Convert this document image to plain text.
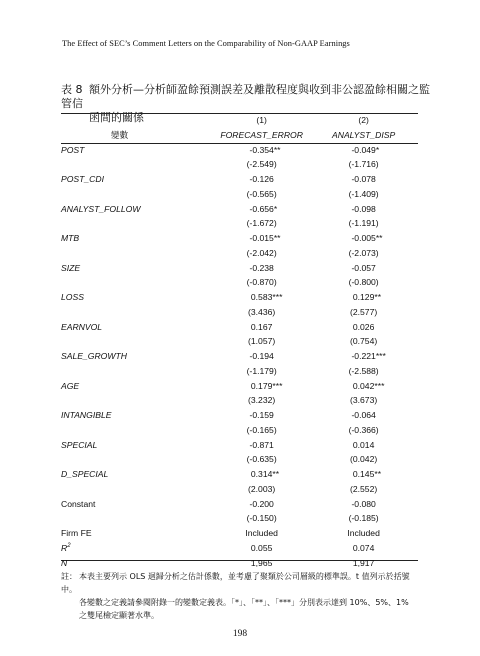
The Effect of SEC’s Comment Letters on the Comparability of Non-GAAP Earnings
表 8 額外分析—分析師盈餘預測誤差及離散程度與收到非公認盈餘相關之監管信
函間的關係
		(1)	(2)
變數	FORECAST_ERROR	ANALYST_DISP
POST	-0.354**	-0.049*
	(-2.549)	(-1.716)
POST_CDI	-0.126	-0.078
	(-0.565)	(-1.409)
ANALYST_FOLLOW	-0.656*	-0.098
	(-1.672)	(-1.191)
MTB	-0.015**	-0.005**
	(-2.042)	(-2.073)
SIZE	-0.238	-0.057
	(-0.870)	(-0.800)
LOSS	0.583***	0.129**
	(3.436)	(2.577)
EARNVOL	0.167	0.026
	(1.057)	(0.754)
SALE_GROWTH	-0.194	-0.221***
	(-1.179)	(-2.588)
AGE	0.179***	0.042***
	(3.232)	(3.673)
INTANGIBLE	-0.159	-0.064
	(-0.165)	(-0.366)
SPECIAL	-0.871	0.014
	(-0.635)	(0.042)
D_SPECIAL	0.314**	0.145**
	(2.003)	(2.552)
Constant	-0.200	-0.080
	(-0.150)	(-0.185)
Firm FE	Included	Included
$R^2$	0.055	0.074
N	1,965	1,917
註： 本表主要列示 OLS 迴歸分析之估計係數，並考慮了聚類於公司層級的標準誤。t 值列示於括號中。
各變數之定義請參閱附錄一的變數定義表。「*」、「**」、「***」分別表示達到 10%、5%、1%
之雙尾檢定顯著水準。
198
